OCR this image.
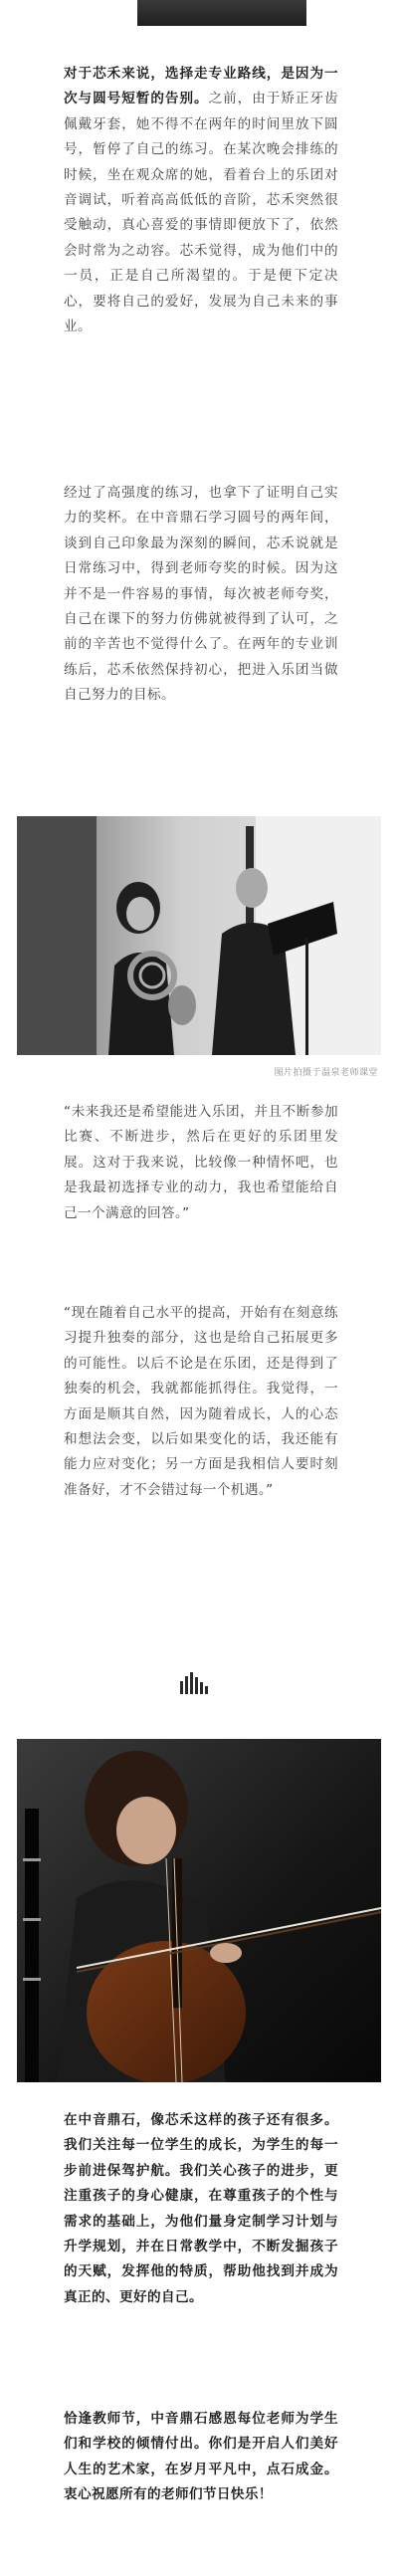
对于芯禾来说，选择走专业路线，是因为一次与圆号短暂的告别。之前，由于矫正牙齿佩戴牙套，她不得不在两年的时间里放下圆号，暂停了自己的练习。在某次晚会排练的时候，坐在观众席的她，看着台上的乐团对音调试，听着高高低低的音阶，芯禾突然很受触动，真心喜爱的事情即便放下了，依然会时常为之动容。芯禾觉得，成为他们中的一员，正是自己所渴望的。于是便下定决心，要将自己的爱好，发展为自己未来的事业。

经过了高强度的练习，也拿下了证明自己实力的奖杯。在中音鼎石学习圆号的两年间，谈到自己印象最为深刻的瞬间，芯禾说就是日常练习中，得到老师夸奖的时候。因为这并不是一件容易的事情，每次被老师夸奖，自己在课下的努力仿佛就被得到了认可，之前的辛苦也不觉得什么了。在两年的专业训练后，芯禾依然保持初心，把进入乐团当做自己努力的目标。

图片拍摄于温泉老师课堂

“未来我还是希望能进入乐团，并且不断参加比赛、不断进步，然后在更好的乐团里发展。这对于我来说，比较像一种情怀吧，也是我最初选择专业的动力，我也希望能给自己一个满意的回答。”

“现在随着自己水平的提高，开始有在刻意练习提升独奏的部分，这也是给自己拓展更多的可能性。以后不论是在乐团，还是得到了独奏的机会，我就都能抓得住。我觉得，一方面是顺其自然，因为随着成长，人的心态和想法会变，以后如果变化的话，我还能有能力应对变化；另一方面是我相信人要时刻准备好，才不会错过每一个机遇。”

在中音鼎石，像芯禾这样的孩子还有很多。我们关注每一位学生的成长，为学生的每一步前进保驾护航。我们关心孩子的进步，更注重孩子的身心健康，在尊重孩子的个性与需求的基础上，为他们量身定制学习计划与升学规划，并在日常教学中，不断发掘孩子的天赋，发挥他的特质，帮助他找到并成为真正的、更好的自己。

恰逢教师节，中音鼎石感恩每位老师为学生们和学校的倾情付出。你们是开启人们美好人生的艺术家，在岁月平凡中，点石成金。衷心祝愿所有的老师们节日快乐！
